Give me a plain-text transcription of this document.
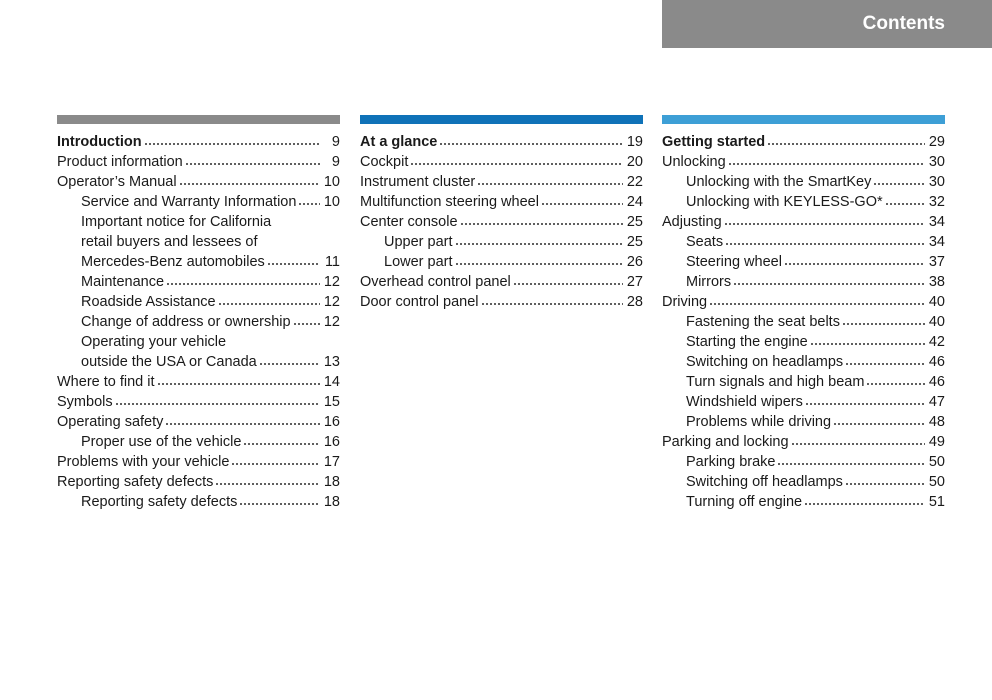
Contents
Introduction	9
Product information	9
Operator’s Manual	10
Service and Warranty Information 10
Important notice for California
retail buyers and lessees of
Mercedes-Benz automobiles	11
Maintenance	12
Roadside Assistance	12
Change of address or ownership 12
Operating your vehicle
outside the USA or Canada	13
Where to find it	14
Symbols	15
Operating safety	16
Proper use of the vehicle	16
Problems with your vehicle	17
Reporting safety defects	18
Reporting safety defects	18
At a glance	19
Cockpit	20
Instrument cluster	22
Multifunction steering wheel	24
Center console	25
Upper part	25
Lower part	26
Overhead control panel	27
Door control panel	28
Getting started	29
Unlocking	30
Unlocking with the SmartKey	30
Unlocking with KEYLESS-GO*	32
Adjusting	34
Seats	34
Steering wheel	37
Mirrors	38
Driving	40
Fastening the seat belts	40
Starting the engine	42
Switching on headlamps	46
Turn signals and high beam	46
Windshield wipers	47
Problems while driving	48
Parking and locking	49
Parking brake	50
Switching off headlamps	50
Turning off engine	51
